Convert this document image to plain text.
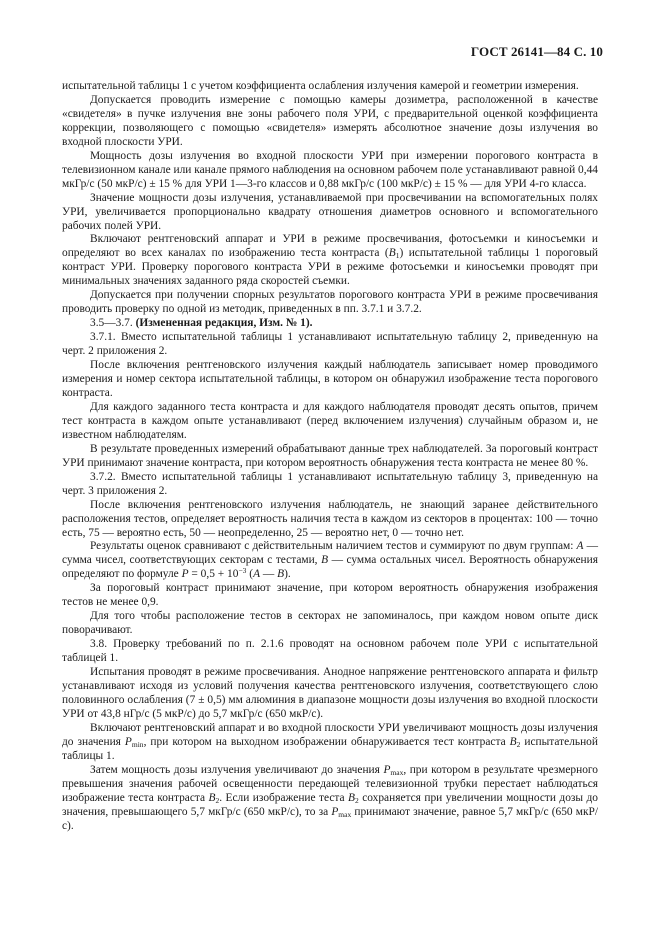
ГОСТ 26141—84 С. 10

испытательной таблицы 1 с учетом коэффициента ослабления излучения камерой и геометрии измерения.

Допускается проводить измерение с помощью камеры дозиметра, расположенной в качестве «свидетеля» в пучке излучения вне зоны рабочего поля УРИ, с предварительной оценкой коэффициента коррекции, позволяющего с помощью «свидетеля» измерять абсолютное значение дозы излучения во входной плоскости УРИ.

Мощность дозы излучения во входной плоскости УРИ при измерении порогового контраста в телевизионном канале или канале прямого наблюдения на основном рабочем поле устанавливают равной 0,44 мкГр/с (50 мкР/с) ± 15 % для УРИ 1—3-го классов и 0,88 мкГр/с (100 мкР/с) ± 15 % — для УРИ 4-го класса.

Значение мощности дозы излучения, устанавливаемой при просвечивании на вспомогательных полях УРИ, увеличивается пропорционально квадрату отношения диаметров основного и вспомогательного рабочих полей УРИ.

Включают рентгеновский аппарат и УРИ в режиме просвечивания, фотосъемки и киносъемки и определяют во всех каналах по изображению теста контраста $(B_1)$ испытательной таблицы 1 пороговый контраст УРИ. Проверку порогового контраста УРИ в режиме фотосъемки и киносъемки проводят при минимальных значениях заданного ряда скоростей съемки.

Допускается при получении спорных результатов порогового контраста УРИ в режиме просвечивания проводить проверку по одной из методик, приведенных в пп. 3.7.1 и 3.7.2.

3.5—3.7. (Измененная редакция, Изм. № 1).

3.7.1. Вместо испытательной таблицы 1 устанавливают испытательную таблицу 2, приведенную на черт. 2 приложения 2.

После включения рентгеновского излучения каждый наблюдатель записывает номер проводимого измерения и номер сектора испытательной таблицы, в котором он обнаружил изображение теста порогового контраста.

Для каждого заданного теста контраста и для каждого наблюдателя проводят десять опытов, причем тест контраста в каждом опыте устанавливают (перед включением излучения) случайным образом и, не известном наблюдателям.

В результате проведенных измерений обрабатывают данные трех наблюдателей. За пороговый контраст УРИ принимают значение контраста, при котором вероятность обнаружения теста контраста не менее 80 %.

3.7.2. Вместо испытательной таблицы 1 устанавливают испытательную таблицу 3, приведенную на черт. 3 приложения 2.

После включения рентгеновского излучения наблюдатель, не знающий заранее действительного расположения тестов, определяет вероятность наличия теста в каждом из секторов в процентах: 100 — точно есть, 75 — вероятно есть, 50 — неопределенно, 25 — вероятно нет, 0 — точно нет.

Результаты оценок сравнивают с действительным наличием тестов и суммируют по двум группам: А — сумма чисел, соответствующих секторам с тестами, В — сумма остальных чисел. Вероятность обнаружения определяют по формуле $P = 0,5 + 10^{-3}$ (A — B).

За пороговый контраст принимают значение, при котором вероятность обнаружения изображения тестов не менее 0,9.

Для того чтобы расположение тестов в секторах не запоминалось, при каждом новом опыте диск поворачивают.

3.8. Проверку требований по п. 2.1.6 проводят на основном рабочем поле УРИ с испытательной таблицей 1.

Испытания проводят в режиме просвечивания. Анодное напряжение рентгеновского аппарата и фильтр устанавливают исходя из условий получения качества рентгеновского излучения, соответствующего слою половинного ослабления (7 ± 0,5) мм алюминия в диапазоне мощности дозы излучения во входной плоскости УРИ от 43,8 нГр/с (5 мкР/с) до 5,7 мкГр/с (650 мкР/с).

Включают рентгеновский аппарат и во входной плоскости УРИ увеличивают мощность дозы излучения до значения $P_{min}$, при котором на выходном изображении обнаруживается тест контраста $B_2$ испытательной таблицы 1.

Затем мощность дозы излучения увеличивают до значения $P_{max}$, при котором в результате чрезмерного превышения значения рабочей освещенности передающей телевизионной трубки перестает наблюдаться изображение теста контраста $B_2$. Если изображение теста $B_2$ сохраняется при увеличении мощности дозы до значения, превышающего 5,7 мкГр/с (650 мкР/с), то за $P_{max}$ принимают значение, равное 5,7 мкГр/с (650 мкР/с).
